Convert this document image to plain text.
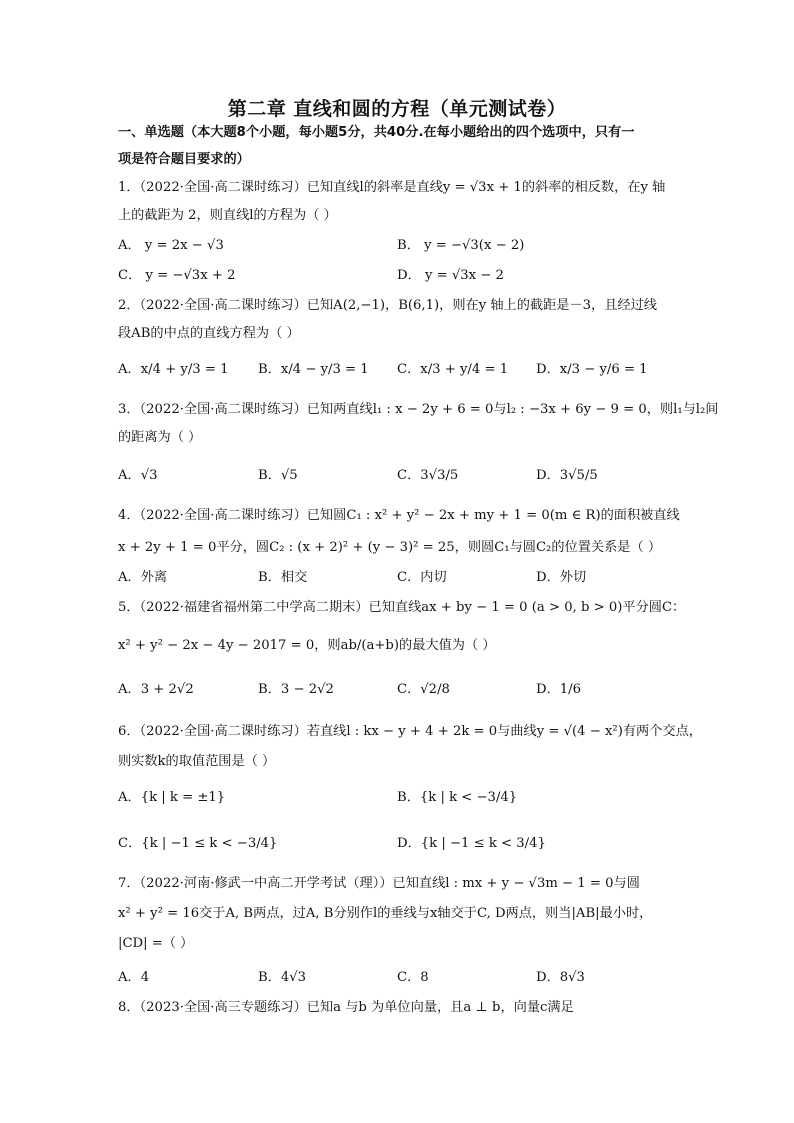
第二章 直线和圆的方程（单元测试卷）
一、单选题（本大题8个小题，每小题5分，共40分.在每小题给出的四个选项中，只有一
项是符合题目要求的）
1．（2022·全国·高二课时练习）已知直线l的斜率是直线y = √3x + 1的斜率的相反数，在y 轴
上的截距为 2，则直线l的方程为（ ）
A． y = 2x − √3	B． y = −√3(x − 2)
C． y = −√3x + 2	D． y = √3x − 2
2．（2022·全国·高二课时练习）已知A(2,−1)，B(6,1)，则在y 轴上的截距是－3，且经过线
段AB的中点的直线方程为（ ）
A．x/4 + y/3 = 1 B．x/4 − y/3 = 1 C．x/3 + y/4 = 1 D．x/3 − y/6 = 1
3．（2022·全国·高二课时练习）已知两直线l₁ : x − 2y + 6 = 0与l₂ : −3x + 6y − 9 = 0，则l₁与l₂间
的距离为（ ）
A．√3	B．√5	C．3√3/5	D．3√5/5
4．（2022·全国·高二课时练习）已知圆C₁ : x² + y² − 2x + my + 1 = 0(m ∈ R)的面积被直线
x + 2y + 1 = 0平分，圆C₂ : (x + 2)² + (y − 3)² = 25，则圆C₁与圆C₂的位置关系是（ ）
A．外离	B．相交	C．内切	D．外切
5．（2022·福建省福州第二中学高二期末）已知直线ax + by − 1 = 0 (a > 0, b > 0)平分圆C：
x² + y² − 2x − 4y − 2017 = 0，则ab/(a+b)的最大值为（ ）
A．3 + 2√2	B．3 − 2√2	C．√2/8	D．1/6
6．（2022·全国·高二课时练习）若直线l : kx − y + 4 + 2k = 0与曲线y = √(4 − x²)有两个交点，
则实数k的取值范围是（ ）
A．{k | k = ±1}	B．{k | k < −3/4}
C．{k | −1 ≤ k < −3/4}	D．{k | −1 ≤ k < 3/4}
7．（2022·河南·修武一中高二开学考试（理））已知直线l : mx + y − √3m − 1 = 0与圆
x² + y² = 16交于A, B两点，过A, B分别作l的垂线与x轴交于C, D两点，则当|AB|最小时，
|CD| =（ ）
A．4	B．4√3	C．8	D．8√3
8．（2023·全国·高三专题练习）已知a 与b 为单位向量，且a ⊥ b，向量c满足
